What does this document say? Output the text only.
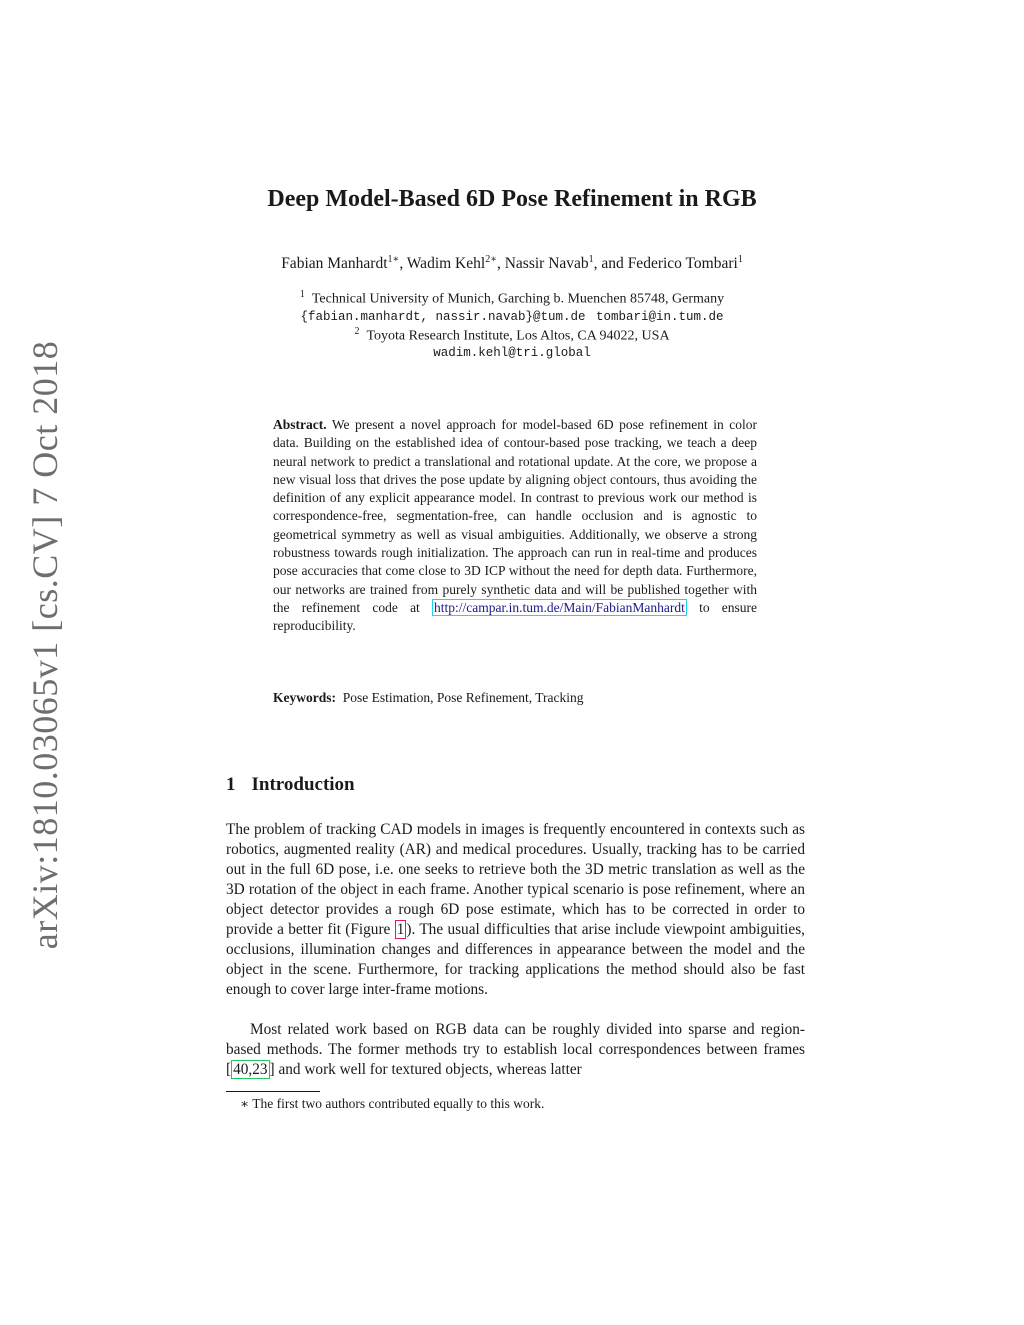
arXiv:1810.03065v1 [cs.CV] 7 Oct 2018
Deep Model-Based 6D Pose Refinement in RGB
Fabian Manhardt$^{1∗}$, Wadim Kehl$^{2∗}$, Nassir Navab$^1$, and Federico Tombari$^1$
$^1$ Technical University of Munich, Garching b. Muenchen 85748, Germany
{fabian.manhardt, nassir.navab}@tum.de tombari@in.tum.de
$^2$ Toyota Research Institute, Los Altos, CA 94022, USA
wadim.kehl@tri.global

Abstract. We present a novel approach for model-based 6D pose refinement in color data. Building on the established idea of contour-based pose tracking, we teach a deep neural network to predict a translational and rotational update. At the core, we propose a new visual loss that drives the pose update by aligning object contours, thus avoiding the definition of any explicit appearance model. In contrast to previous work our method is correspondence-free, segmentation-free, can handle occlusion and is agnostic to geometrical symmetry as well as visual ambiguities. Additionally, we observe a strong robustness towards rough initialization. The approach can run in real-time and produces pose accuracies that come close to 3D ICP without the need for depth data. Furthermore, our networks are trained from purely synthetic data and will be published together with the refinement code at http://campar.in.tum.de/Main/FabianManhardt to ensure reproducibility.

Keywords: Pose Estimation, Pose Refinement, Tracking

1 Introduction

The problem of tracking CAD models in images is frequently encountered in contexts such as robotics, augmented reality (AR) and medical procedures. Usually, tracking has to be carried out in the full 6D pose, i.e. one seeks to retrieve both the 3D metric translation as well as the 3D rotation of the object in each frame. Another typical scenario is pose refinement, where an object detector provides a rough 6D pose estimate, which has to be corrected in order to provide a better fit (Figure 1 ). The usual difficulties that arise include viewpoint ambiguities, occlusions, illumination changes and differences in appearance between the model and the object in the scene. Furthermore, for tracking applications the method should also be fast enough to cover large inter-frame motions.

Most related work based on RGB data can be roughly divided into sparse and region-based methods. The former methods try to establish local correspondences between frames [ 40,23 ] and work well for textured objects, whereas latter

∗ The first two authors contributed equally to this work.
